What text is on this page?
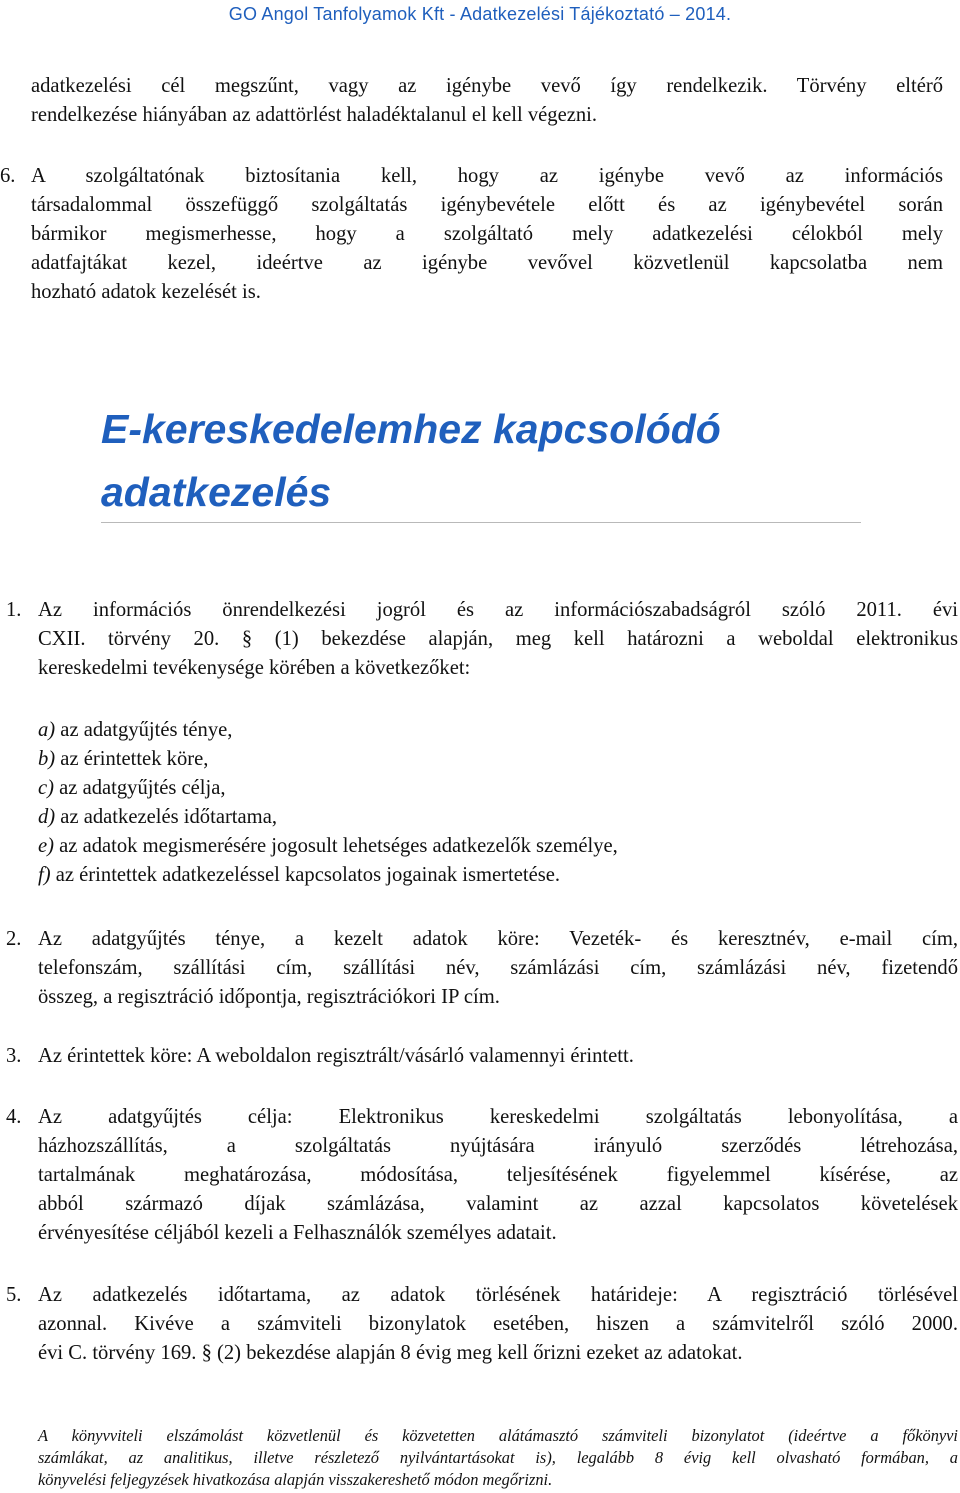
GO Angol Tanfolyamok Kft - Adatkezelési Tájékoztató – 2014.

adatkezelési cél megszűnt, vagy az igénybe vevő így rendelkezik. Törvény eltérő

rendelkezése hiányában az adattörlést haladéktalanul el kell végezni.

6. A szolgáltatónak biztosítania kell, hogy az igénybe vevő az információs

társadalommal összefüggő szolgáltatás igénybevétele előtt és az igénybevétel során

bármikor megismerhesse, hogy a szolgáltató mely adatkezelési célokból mely

adatfajtákat kezel, ideértve az igénybe vevővel közvetlenül kapcsolatba nem

hozható adatok kezelését is.

E-kereskedelemhez kapcsolódó
adatkezelés
1. Az információs önrendelkezési jogról és az információszabadságról szóló 2011. évi

CXII. törvény 20. § (1) bekezdése alapján, meg kell határozni a weboldal elektronikus

kereskedelmi tevékenysége körében a következőket:

a) az adatgyűjtés ténye,
b) az érintettek köre,
c) az adatgyűjtés célja,
d) az adatkezelés időtartama,
e) az adatok megismerésére jogosult lehetséges adatkezelők személye,
f) az érintettek adatkezeléssel kapcsolatos jogainak ismertetése.
2. Az adatgyűjtés ténye, a kezelt adatok köre: Vezeték- és keresztnév, e-mail cím,

telefonszám, szállítási cím, szállítási név, számlázási cím, számlázási név, fizetendő

összeg, a regisztráció időpontja, regisztrációkori IP cím.

3. Az érintettek köre: A weboldalon regisztrált/vásárló valamennyi érintett.

4. Az adatgyűjtés célja: Elektronikus kereskedelmi szolgáltatás lebonyolítása, a

házhozszállítás, a szolgáltatás nyújtására irányuló szerződés létrehozása,

tartalmának meghatározása, módosítása, teljesítésének figyelemmel kísérése, az

abból származó díjak számlázása, valamint az azzal kapcsolatos követelések

érvényesítése céljából kezeli a Felhasználók személyes adatait.

5. Az adatkezelés időtartama, az adatok törlésének határideje: A regisztráció törlésével

azonnal. Kivéve a számviteli bizonylatok esetében, hiszen a számvitelről szóló 2000.

évi C. törvény 169. § (2) bekezdése alapján 8 évig meg kell őrizni ezeket az adatokat.

A könyvviteli elszámolást közvetlenül és közvetetten alátámasztó számviteli bizonylatot (ideértve a főkönyvi
számlákat, az analitikus, illetve részletező nyilvántartásokat is), legalább 8 évig kell olvasható formában, a
könyvelési feljegyzések hivatkozása alapján visszakereshető módon megőrizni.
